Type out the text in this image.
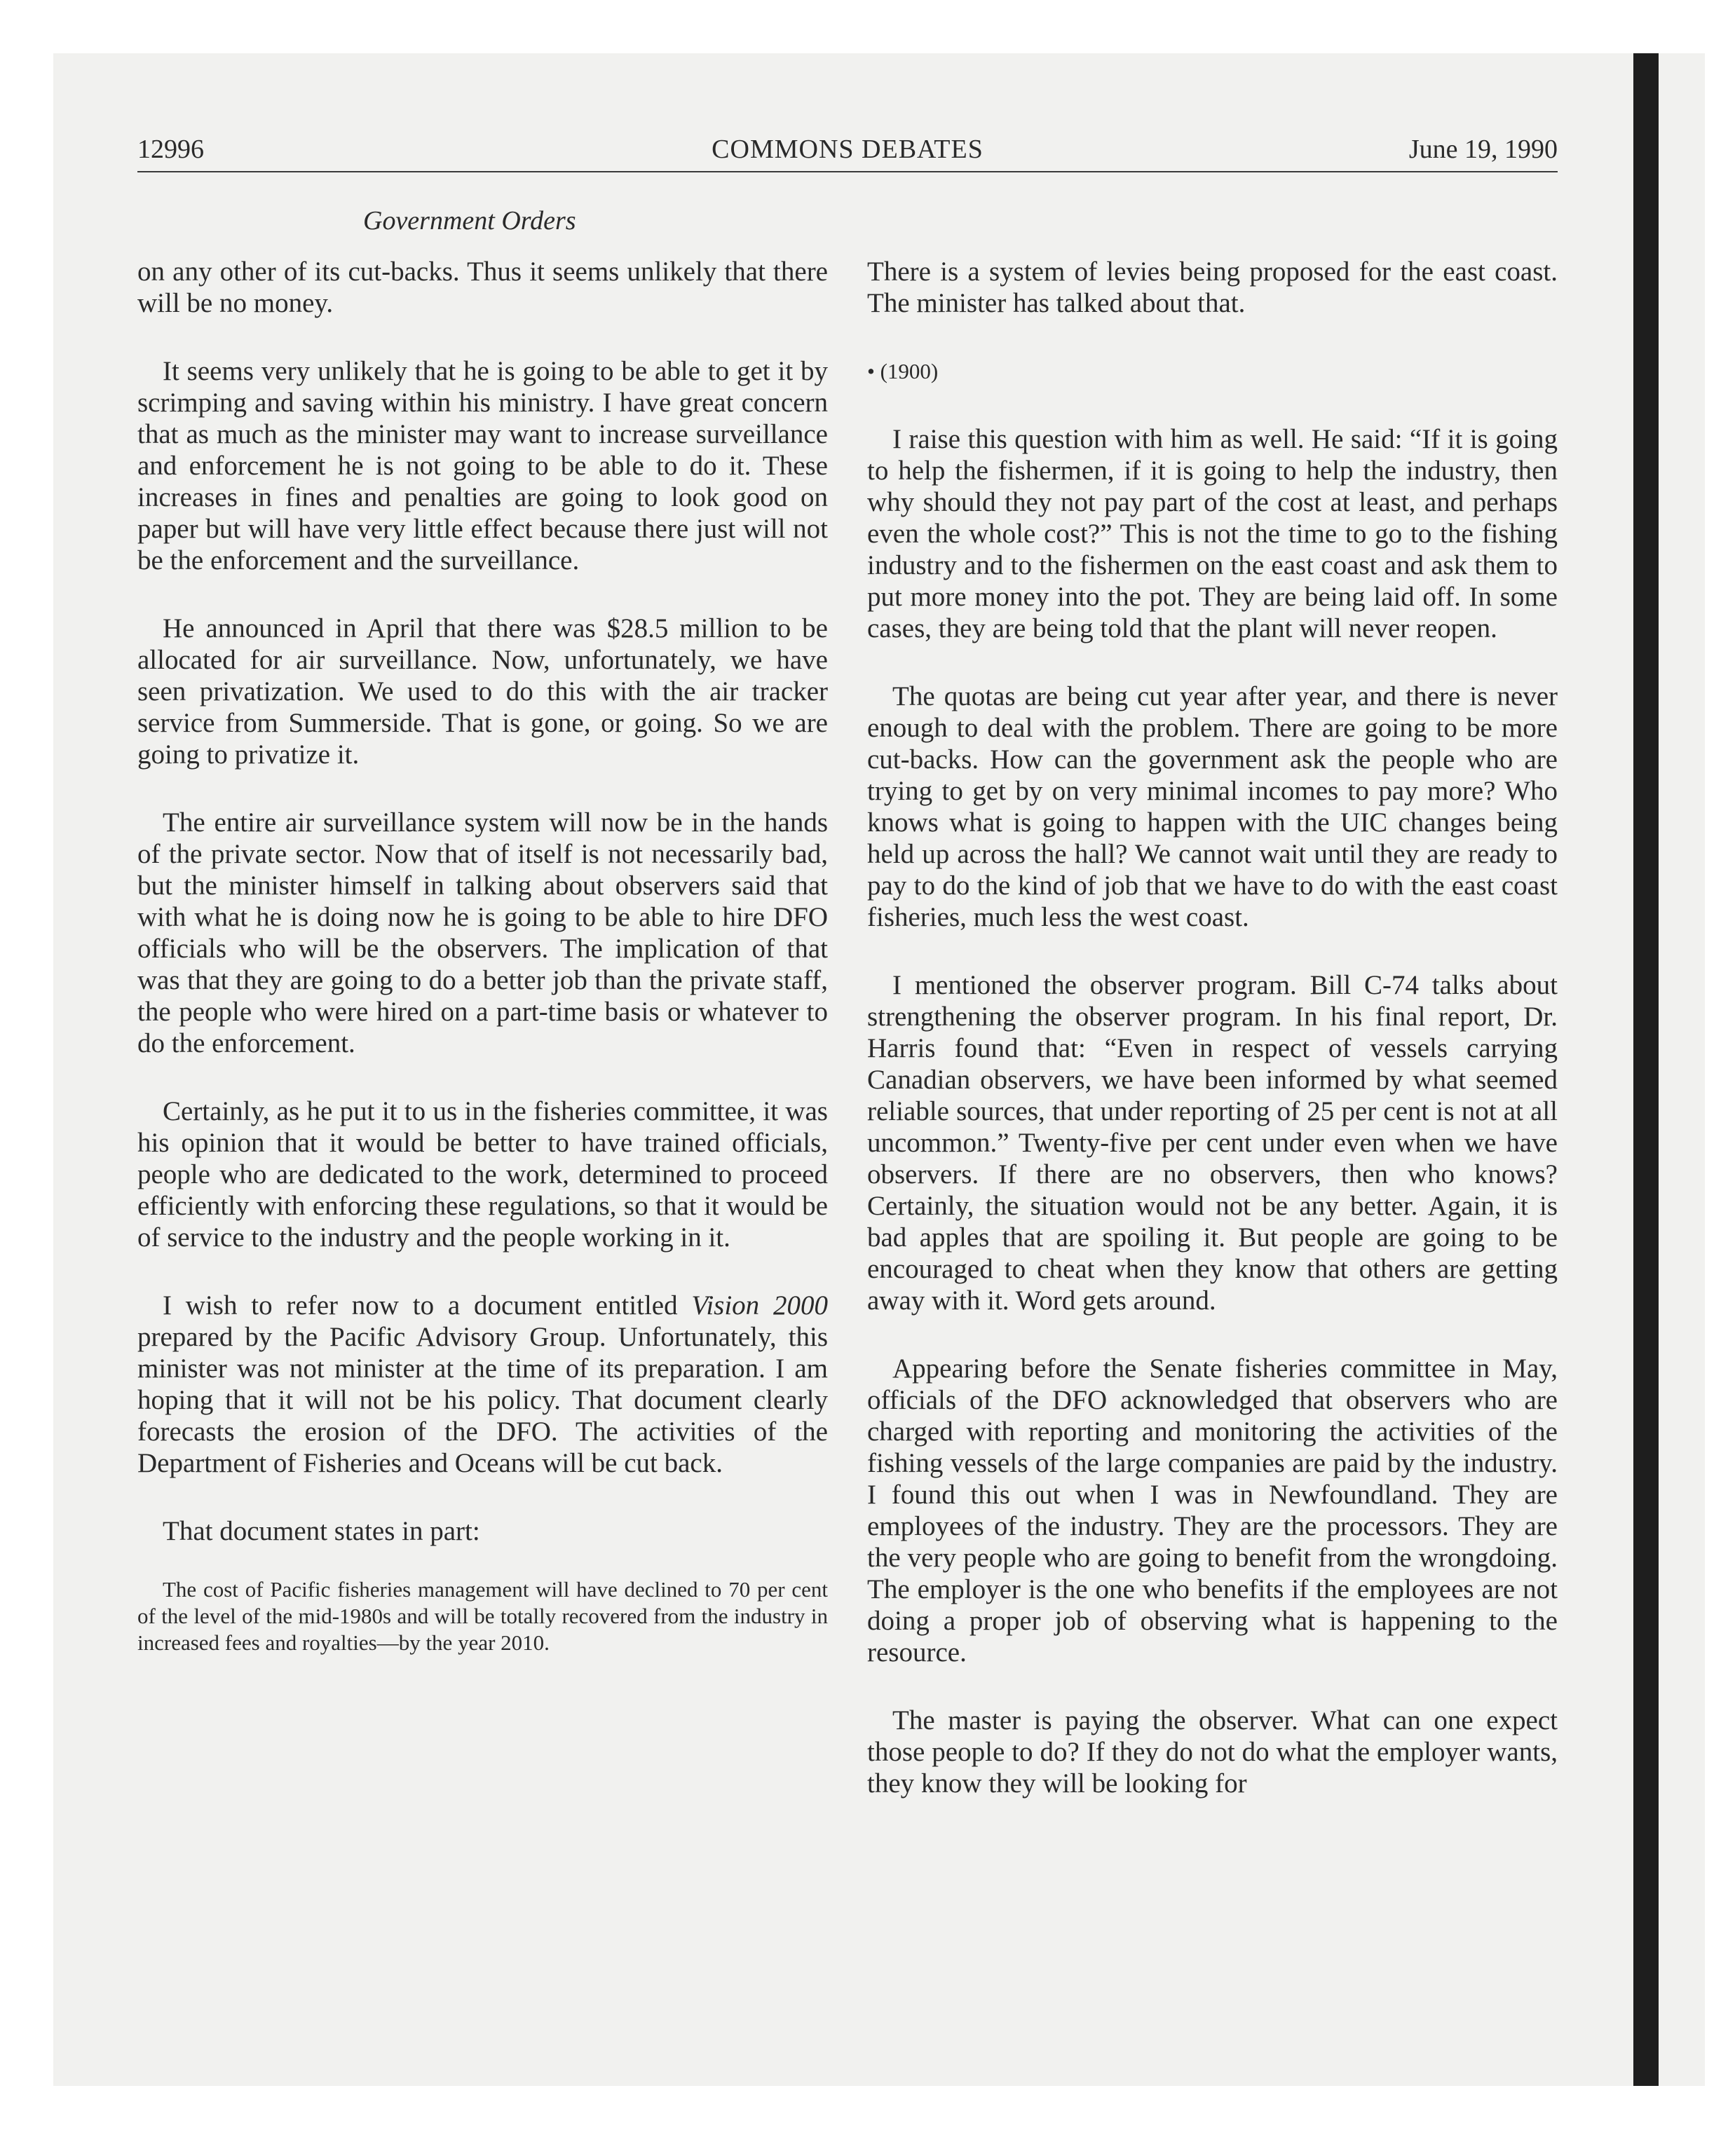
12996	COMMONS DEBATES	June 19, 1990
Government Orders

on any other of its cut-backs. Thus it seems unlikely that there will be no money.

It seems very unlikely that he is going to be able to get it by scrimping and saving within his ministry. I have great concern that as much as the minister may want to increase surveillance and enforcement he is not going to be able to do it. These increases in fines and penalties are going to look good on paper but will have very little effect because there just will not be the enforcement and the surveillance.

He announced in April that there was $28.5 million to be allocated for air surveillance. Now, unfortunately, we have seen privatization. We used to do this with the air tracker service from Summerside. That is gone, or going. So we are going to privatize it.

The entire air surveillance system will now be in the hands of the private sector. Now that of itself is not necessarily bad, but the minister himself in talking about observers said that with what he is doing now he is going to be able to hire DFO officials who will be the observers. The implication of that was that they are going to do a better job than the private staff, the people who were hired on a part-time basis or whatever to do the enforcement.

Certainly, as he put it to us in the fisheries committee, it was his opinion that it would be better to have trained officials, people who are dedicated to the work, determined to proceed efficiently with enforcing these regulations, so that it would be of service to the industry and the people working in it.

I wish to refer now to a document entitled Vision 2000 prepared by the Pacific Advisory Group. Unfortunately, this minister was not minister at the time of its preparation. I am hoping that it will not be his policy. That document clearly forecasts the erosion of the DFO. The activities of the Department of Fisheries and Oceans will be cut back.

That document states in part:

The cost of Pacific fisheries management will have declined to 70 per cent of the level of the mid-1980s and will be totally recovered from the industry in increased fees and royalties—by the year 2010.

There is a system of levies being proposed for the east coast. The minister has talked about that.

• (1900)

I raise this question with him as well. He said: “If it is going to help the fishermen, if it is going to help the industry, then why should they not pay part of the cost at least, and perhaps even the whole cost?” This is not the time to go to the fishing industry and to the fishermen on the east coast and ask them to put more money into the pot. They are being laid off. In some cases, they are being told that the plant will never reopen.

The quotas are being cut year after year, and there is never enough to deal with the problem. There are going to be more cut-backs. How can the government ask the people who are trying to get by on very minimal incomes to pay more? Who knows what is going to happen with the UIC changes being held up across the hall? We cannot wait until they are ready to pay to do the kind of job that we have to do with the east coast fisheries, much less the west coast.

I mentioned the observer program. Bill C-74 talks about strengthening the observer program. In his final report, Dr. Harris found that: “Even in respect of vessels carrying Canadian observers, we have been informed by what seemed reliable sources, that under reporting of 25 per cent is not at all uncommon.” Twenty-five per cent under even when we have observers. If there are no observers, then who knows? Certainly, the situation would not be any better. Again, it is bad apples that are spoiling it. But people are going to be encouraged to cheat when they know that others are getting away with it. Word gets around.

Appearing before the Senate fisheries committee in May, officials of the DFO acknowledged that observers who are charged with reporting and monitoring the activities of the fishing vessels of the large companies are paid by the industry. I found this out when I was in Newfoundland. They are employees of the industry. They are the processors. They are the very people who are going to benefit from the wrongdoing. The employer is the one who benefits if the employees are not doing a proper job of observing what is happening to the resource.

The master is paying the observer. What can one expect those people to do? If they do not do what the employer wants, they know they will be looking for
